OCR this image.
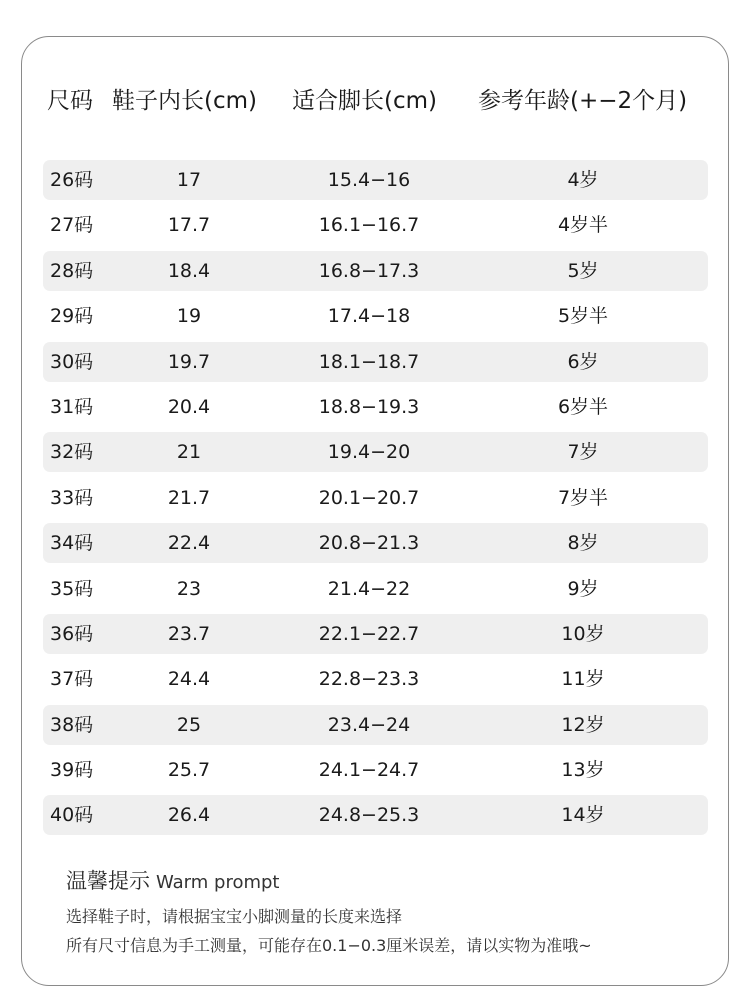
尺码 鞋子内长(cm) 适合脚长(cm) 参考年龄(+−2个月)
26码	17	15.4−16	4岁
27码	17.7	16.1−16.7	4岁半
28码	18.4	16.8−17.3	5岁
29码	19	17.4−18	5岁半
30码	19.7	18.1−18.7	6岁
31码	20.4	18.8−19.3	6岁半
32码	21	19.4−20	7岁
33码	21.7	20.1−20.7	7岁半
34码	22.4	20.8−21.3	8岁
35码	23	21.4−22	9岁
36码	23.7	22.1−22.7	10岁
37码	24.4	22.8−23.3	11岁
38码	25	23.4−24	12岁
39码	25.7	24.1−24.7	13岁
40码	26.4	24.8−25.3	14岁
温馨提示 Warm prompt
选择鞋子时，请根据宝宝小脚测量的长度来选择
所有尺寸信息为手工测量，可能存在0.1−0.3厘米误差，请以实物为准哦~
